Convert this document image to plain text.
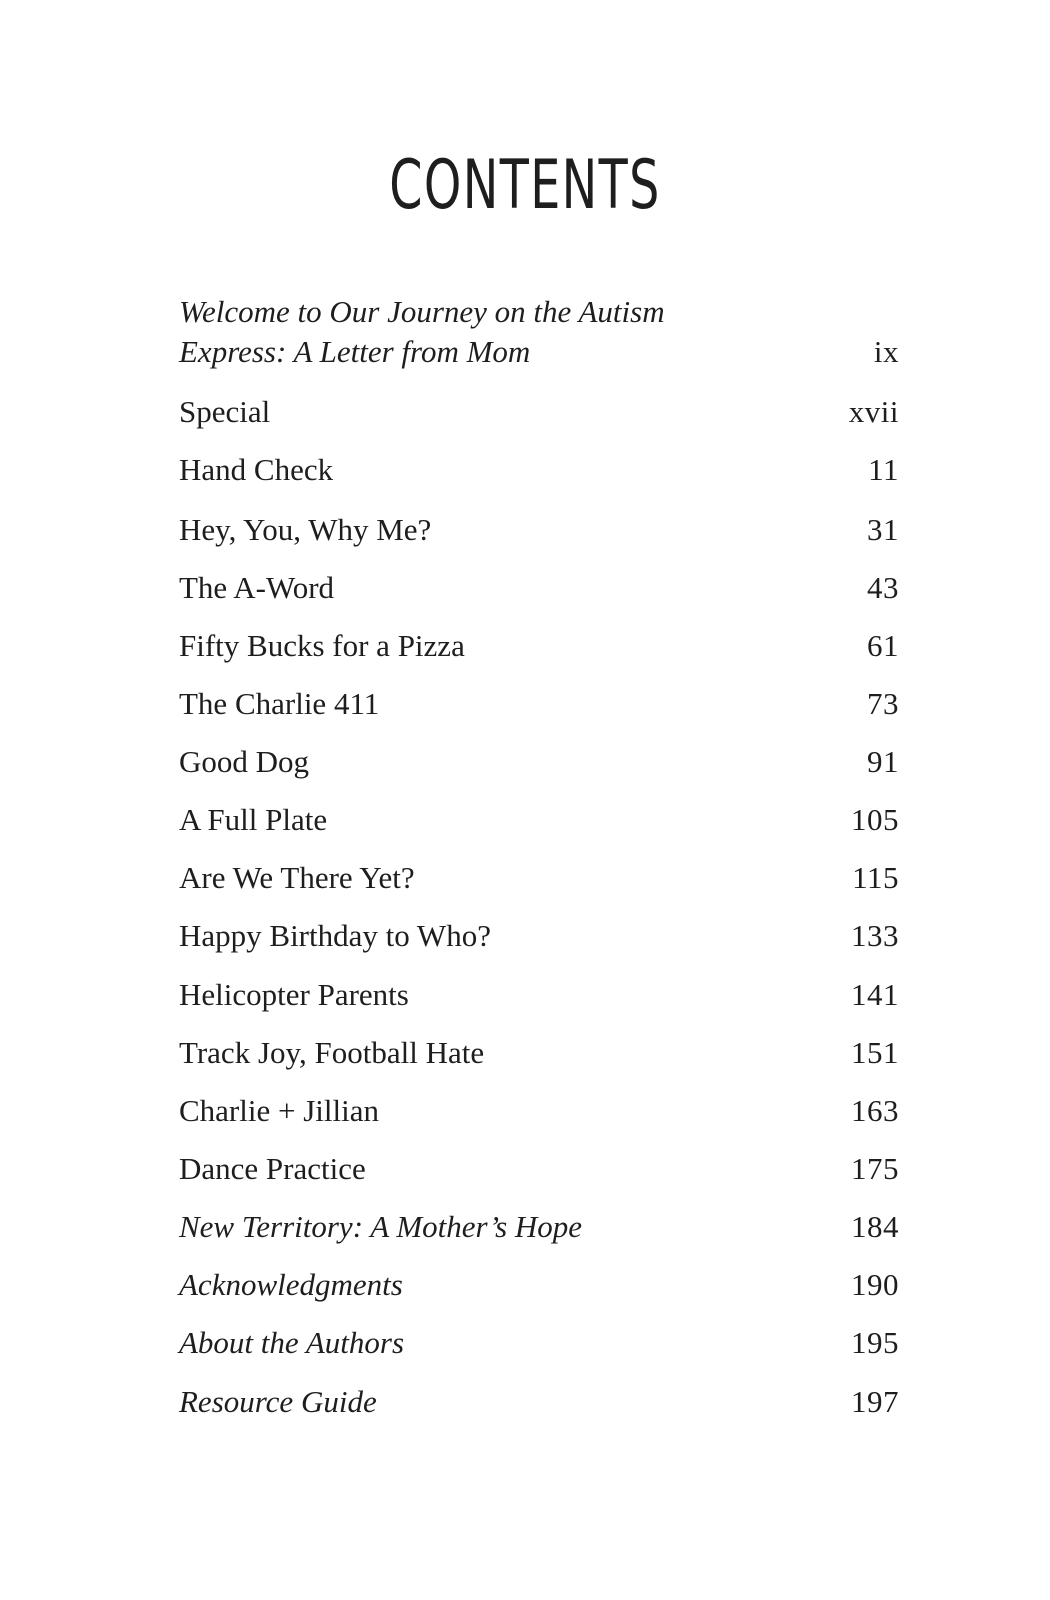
CONTENTS
Welcome to Our Journey on the Autism
Express: A Letter from Mom	ix
Special	xvii
Hand Check	11
Hey, You, Why Me?	31
The A-Word	43
Fifty Bucks for a Pizza	61
The Charlie 411	73
Good Dog	91
A Full Plate	105
Are We There Yet?	115
Happy Birthday to Who?	133
Helicopter Parents	141
Track Joy, Football Hate	151
Charlie + Jillian	163
Dance Practice	175
New Territory: A Mother’s Hope	184
Acknowledgments	190
About the Authors	195
Resource Guide	197
